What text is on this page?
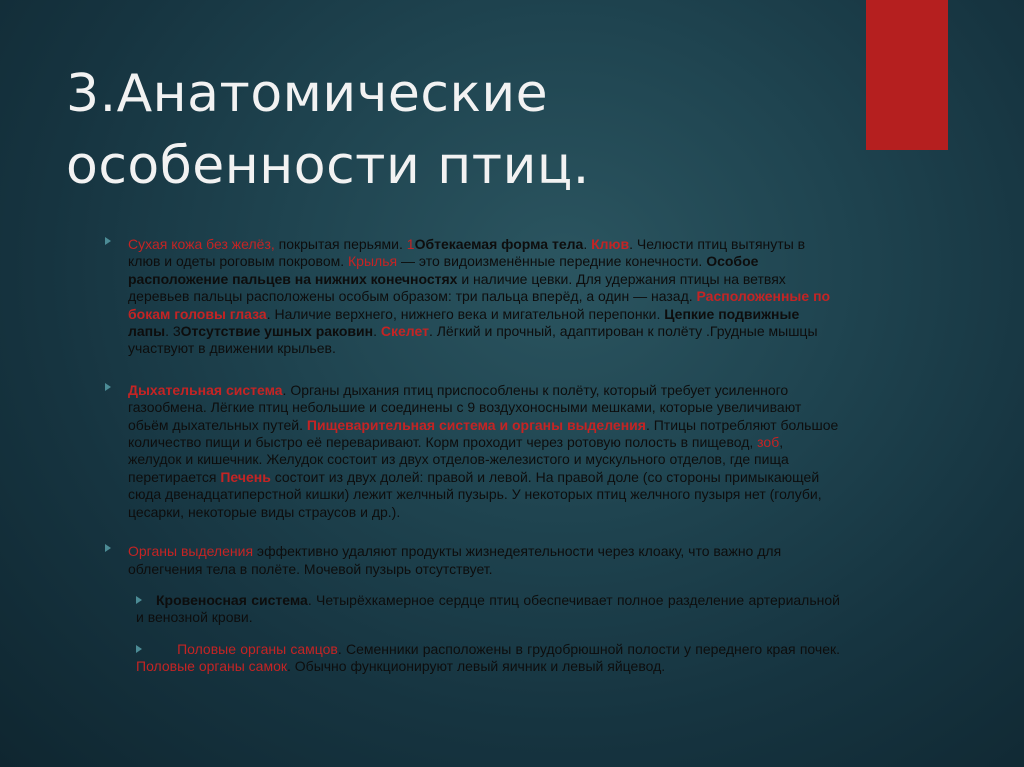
3.Анатомические особенности птиц.

Сухая кожа без желёз, покрытая перьями. 1Обтекаемая форма тела. Клюв. Челюсти птиц вытянуты в клюв и одеты роговым покровом. Крылья — это видоизменённые передние конечности. Особое расположение пальцев на нижних конечностях и наличие цевки. Для удержания птицы на ветвях деревьев пальцы расположены особым образом: три пальца вперёд, а один — назад. Расположенные по бокам головы глаза. Наличие верхнего, нижнего века и мигательной перепонки. Цепкие подвижные лапы. 3Отсутствие ушных раковин. Скелет. Лёгкий и прочный, адаптирован к полёту .Грудные мышцы участвуют в движении крыльев.

Дыхательная система. Органы дыхания птиц приспособлены к полёту, который требует усиленного газообмена. Лёгкие птиц небольшие и соединены с 9 воздухоносными мешками, которые увеличивают обьём дыхательных путей. Пищеварительная система и органы выделения. Птицы потребляют большое количество пищи и быстро её переваривают. Корм проходит через ротовую полость в пищевод, зоб, желудок и кишечник. Желудок состоит из двух отделов-железистого и мускульного отделов, где пища перетирается Печень состоит из двух долей: правой и левой. На правой доле (со стороны примыкающей сюда двенадцатиперстной кишки) лежит желчный пузырь. У некоторых птиц желчного пузыря нет (голуби, цесарки, некоторые виды страусов и др.).

Органы выделения эффективно удаляют продукты жизнедеятельности через клоаку, что важно для облегчения тела в полёте. Мочевой пузырь отсутствует.

Кровеносная система. Четырёхкамерное сердце птиц обеспечивает полное разделение артериальной и венозной крови.

Половые органы самцов. Семенники расположены в грудобрюшной полости у переднего края почек. Половые органы самок. Обычно функционируют левый яичник и левый яйцевод.
